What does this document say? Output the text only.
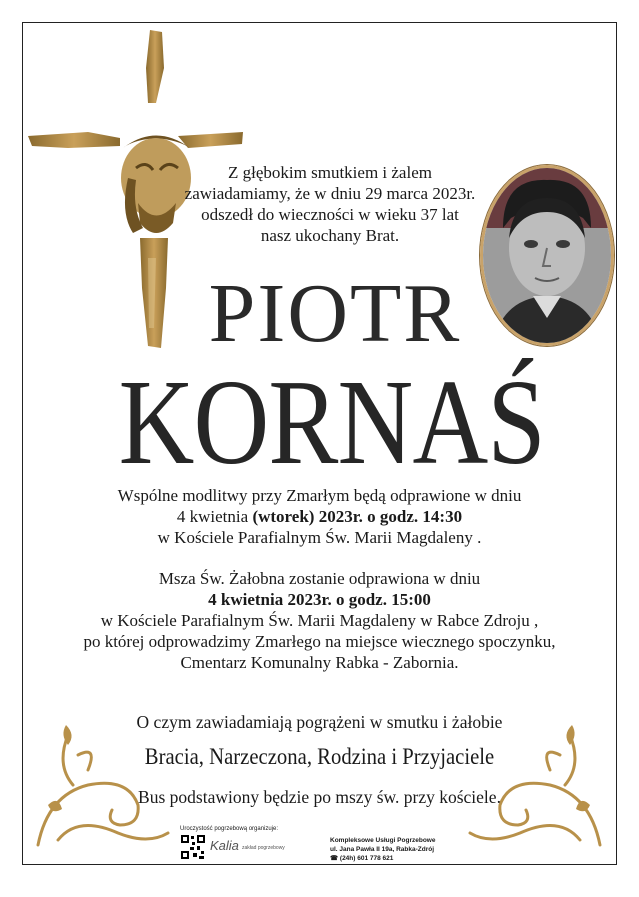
Z głębokim smutkiem i żalem
zawiadamiamy, że w dniu 29 marca 2023r.
odszedł do wieczności w wieku 37 lat
nasz ukochany Brat.
PIOTR
KORNAŚ
Wspólne modlitwy przy Zmarłym będą odprawione w dniu
4 kwietnia (wtorek) 2023r. o godz. 14:30
w Kościele Parafialnym Św. Marii Magdaleny .
Msza Św. Żałobna zostanie odprawiona w dniu
4 kwietnia 2023r. o godz. 15:00
w Kościele Parafialnym Św. Marii Magdaleny w Rabce Zdroju ,
po której odprowadzimy Zmarłego na miejsce wiecznego spoczynku,
Cmentarz Komunalny Rabka - Zabornia.
O czym zawiadamiają pogrążeni w smutku i żałobie
Bracia, Narzeczona, Rodzina i Przyjaciele
Bus podstawiony będzie po mszy św. przy kościele.
Uroczystość pogrzebową organizuje:
Kalia zakład pogrzebowy
Kompleksowe Usługi Pogrzebowe
ul. Jana Pawła II 19a, Rabka-Zdrój
☎ (24h) 601 778 621
